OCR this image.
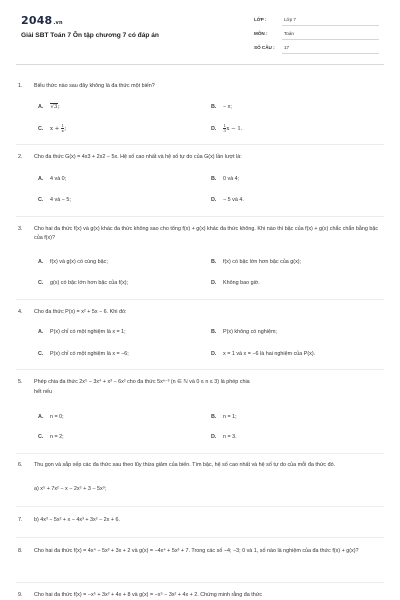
2048.vn
Giải SBT Toán 7 Ôn tập chương 7 có đáp án
LỚP :	Lớp 7
MÔN :	Toán
SỐ CÂU : 17
1. Biểu thức nào sau đây không là đa thức một biến?
A. √3;	B. − x;
C. $x + \frac{1}{x}$ ;	D. $\frac{1}{3}$ x − 1.
2. Cho đa thức G(x) = 4x3 + 2x2 − 5x. Hệ số cao nhất và hệ số tự do của G(x) lần lượt là:
A. 4 và 0;	B. 0 và 4;
C. 4 và − 5;	D. − 5 và 4.
3. Cho hai đa thức f(x) và g(x) khác đa thức không sao cho tổng f(x) + g(x) khác đa thức không. Khi nào thì bậc của f(x) + g(x) chắc chắn bằng bậc của f(x)?
A. f(x) và g(x) có cùng bậc;	B. f(x) có bậc lớn hơn bậc của g(x);
C. g(x) có bậc lớn hơn bậc của f(x);	D. Không bao giờ.
4. Cho đa thức P(x) = x² + 5x − 6. Khi đó:
A. P(x) chỉ có một nghiệm là x = 1;	B. P(x) không có nghiệm;
C. P(x) chỉ có một nghiệm là x = −6;	D. x = 1 và x = −6 là hai nghiệm của P(x).
5. Phép chia đa thức 2x⁵ − 3x⁴ + x³ − 6x² cho đa thức 5xⁿ⁻³ (n ∈ ℕ và 0 ≤ n ≤ 3) là phép chia
hết nếu
A. n = 0;	B. n = 1;
C. n = 2;	D. n = 3.
6. Thu gọn và sắp xếp các đa thức sau theo lũy thừa giảm của biến. Tìm bậc, hệ số cao nhất và hệ số tự do của mỗi đa thức đó.
a) x⁵ + 7x² − x − 2x⁵ + 3 − 5x³;
7. b) 4x³ − 5x² + x − 4x³ + 3x² − 2x + 6.
8. Cho hai đa thức f(x) = 4x⁴ − 5x³ + 3x + 2 và g(x) = −4x⁴ + 5x³ + 7. Trong các số −4; −3; 0 và 1, số nào là nghiệm của đa thức f(x) + g(x)?
9. Cho hai đa thức f(x) = −x⁵ + 3x² + 4x + 8 và g(x) = −x⁵ − 3x² + 4x + 2. Chứng minh rằng đa thức
